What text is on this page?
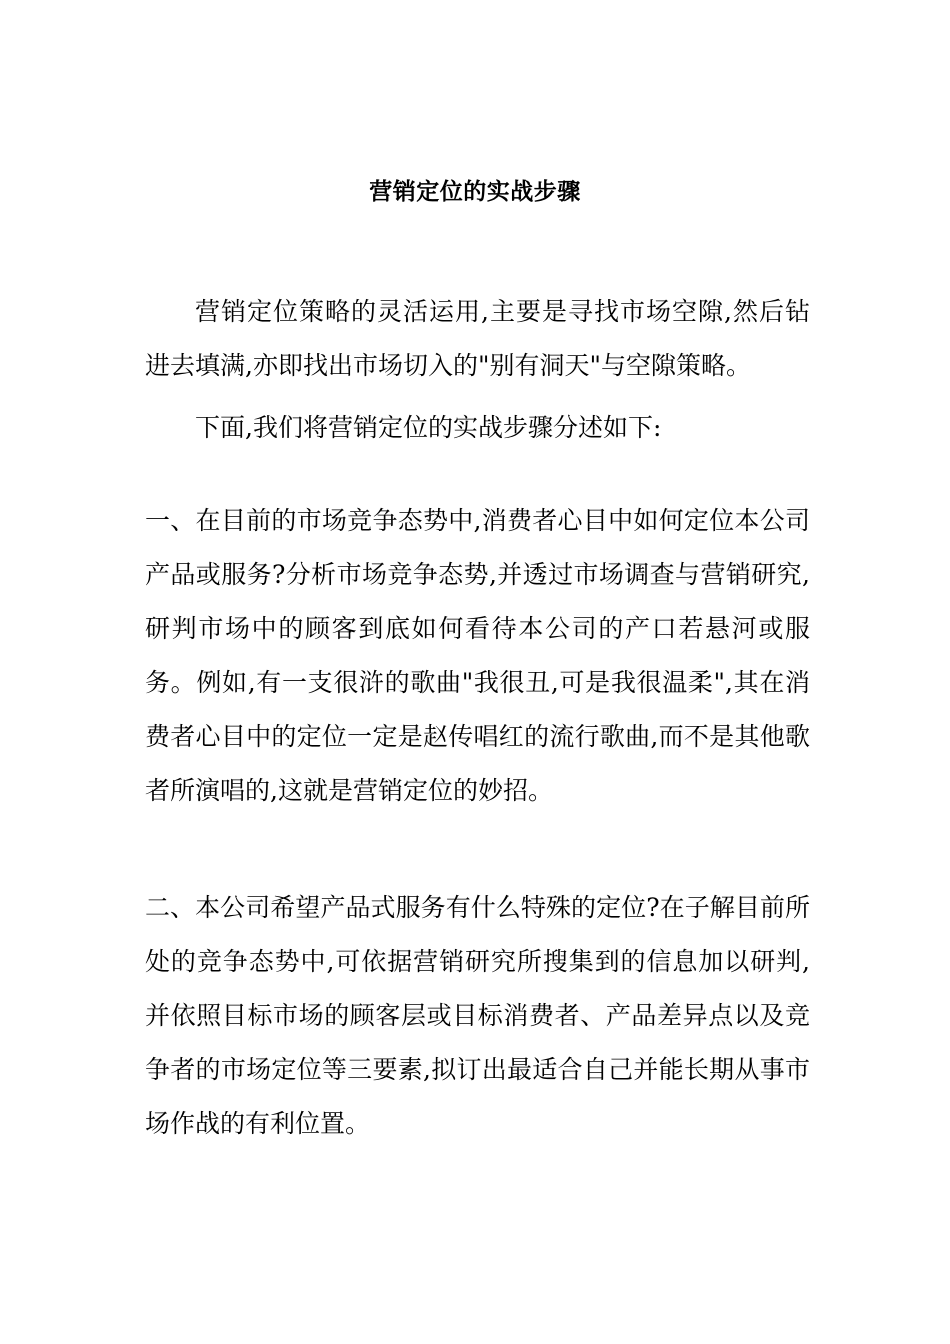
营销定位的实战步骤

营销定位策略的灵活运用,主要是寻找市场空隙,然后钻进去填满,亦即找出市场切入的"别有洞天"与空隙策略。

下面,我们将营销定位的实战步骤分述如下:

一、在目前的市场竞争态势中,消费者心目中如何定位本公司产品或服务?分析市场竞争态势,并透过市场调查与营销研究,研判市场中的顾客到底如何看待本公司的产口若悬河或服务。例如,有一支很浒的歌曲"我很丑,可是我很温柔",其在消费者心目中的定位一定是赵传唱红的流行歌曲,而不是其他歌者所演唱的,这就是营销定位的妙招。

二、本公司希望产品式服务有什么特殊的定位?在子解目前所处的竞争态势中,可依据营销研究所搜集到的信息加以研判,并依照目标市场的顾客层或目标消费者、产品差异点以及竞争者的市场定位等三要素,拟订出最适合自己并能长期从事市场作战的有利位置。
